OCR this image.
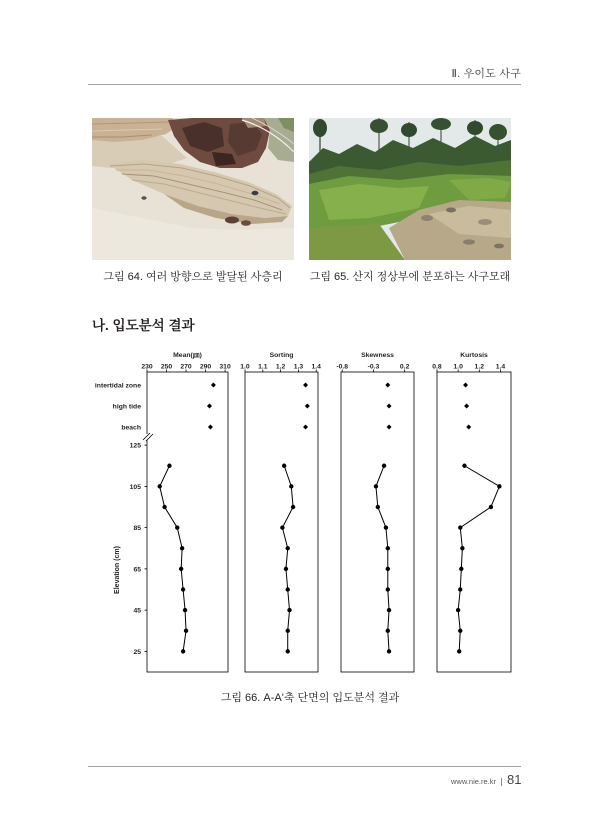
Ⅱ. 우이도 사구
그림 64. 여러 방향으로 발달된 사층리	그림 65. 산지 정상부에 분포하는 사구모래
나. 입도분석 결과
Mean(㎛)
230 250 270 290 310
Sorting
1.0 1.1 1.2 1.3 1.4
Skewness
-0.8	-0.3	0.2
Kurtosis
0.8 1.0 1.2 1.4
intertidal zone
high tide
beach
125
105
85
65
45
25
Elevation (cm)
그림 66. A-A'축 단면의 입도분석 결과
www.nie.re.kr 81
